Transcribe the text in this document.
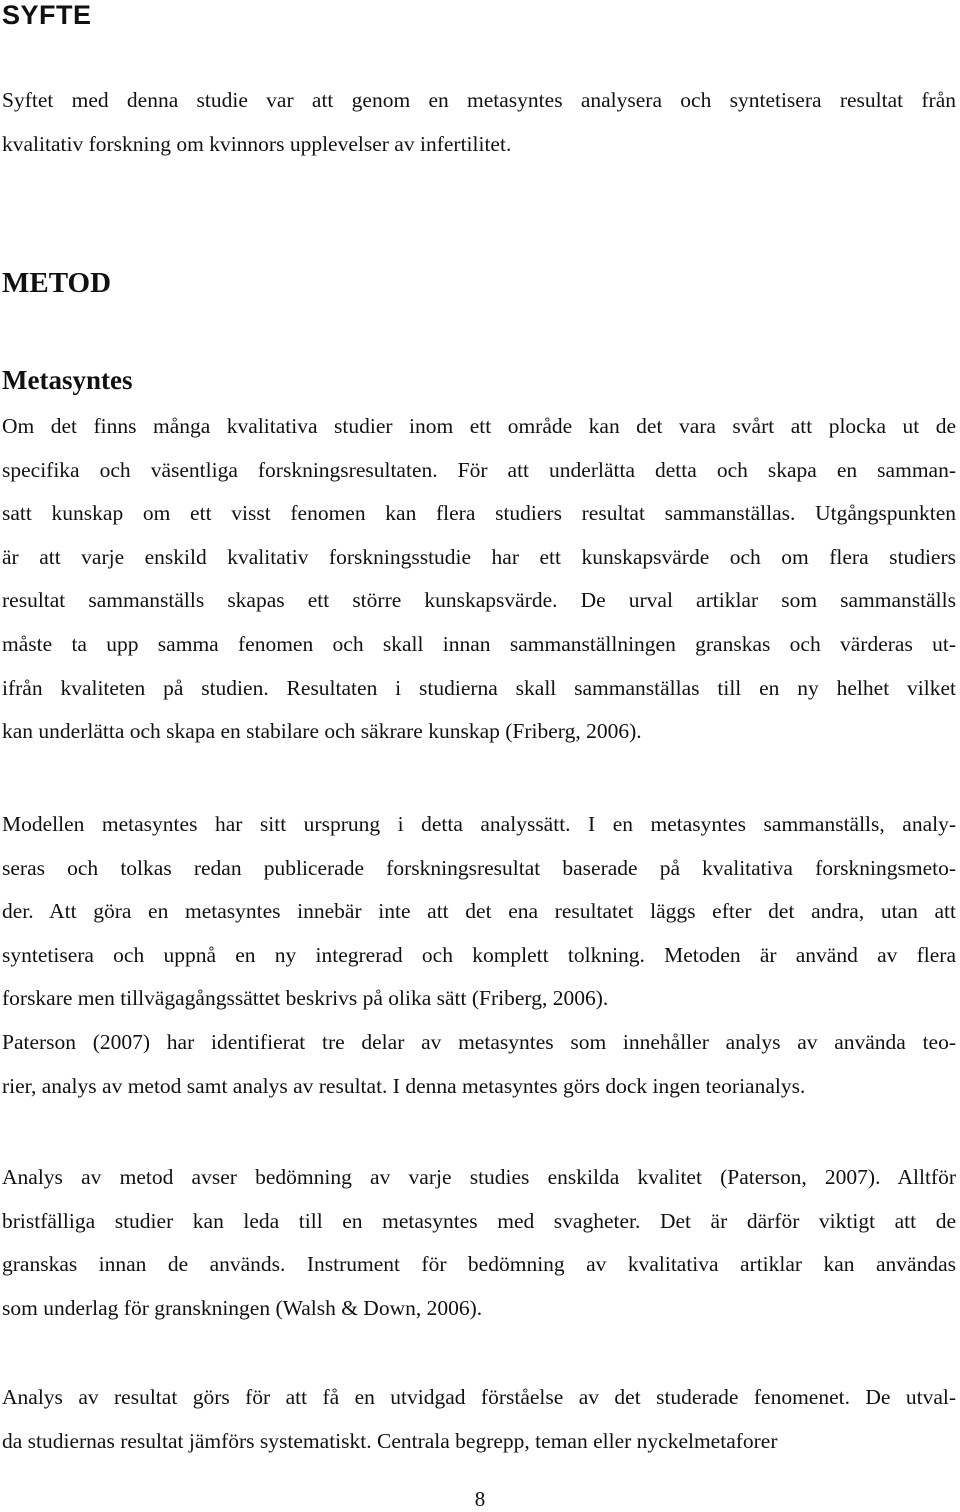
SYFTE
Syftet med denna studie var att genom en metasyntes analysera och syntetisera resultat från
kvalitativ forskning om kvinnors upplevelser av infertilitet.
METOD
Metasyntes
Om det finns många kvalitativa studier inom ett område kan det vara svårt att plocka ut de
specifika och väsentliga forskningsresultaten. För att underlätta detta och skapa en samman-
satt kunskap om ett visst fenomen kan flera studiers resultat sammanställas. Utgångspunkten
är att varje enskild kvalitativ forskningsstudie har ett kunskapsvärde och om flera studiers
resultat sammanställs skapas ett större kunskapsvärde. De urval artiklar som sammanställs
måste ta upp samma fenomen och skall innan sammanställningen granskas och värderas ut-
ifrån kvaliteten på studien. Resultaten i studierna skall sammanställas till en ny helhet vilket
kan underlätta och skapa en stabilare och säkrare kunskap (Friberg, 2006).
Modellen metasyntes har sitt ursprung i detta analyssätt. I en metasyntes sammanställs, analy-
seras och tolkas redan publicerade forskningsresultat baserade på kvalitativa forskningsmeto-
der. Att göra en metasyntes innebär inte att det ena resultatet läggs efter det andra, utan att
syntetisera och uppnå en ny integrerad och komplett tolkning. Metoden är använd av flera
forskare men tillvägagångssättet beskrivs på olika sätt (Friberg, 2006).
Paterson (2007) har identifierat tre delar av metasyntes som innehåller analys av använda teo-
rier, analys av metod samt analys av resultat. I denna metasyntes görs dock ingen teorianalys.
Analys av metod avser bedömning av varje studies enskilda kvalitet (Paterson, 2007). Alltför
bristfälliga studier kan leda till en metasyntes med svagheter. Det är därför viktigt att de
granskas innan de används. Instrument för bedömning av kvalitativa artiklar kan användas
som underlag för granskningen (Walsh & Down, 2006).
Analys av resultat görs för att få en utvidgad förståelse av det studerade fenomenet. De utval-
da studiernas resultat jämförs systematiskt. Centrala begrepp, teman eller nyckelmetaforer
8
